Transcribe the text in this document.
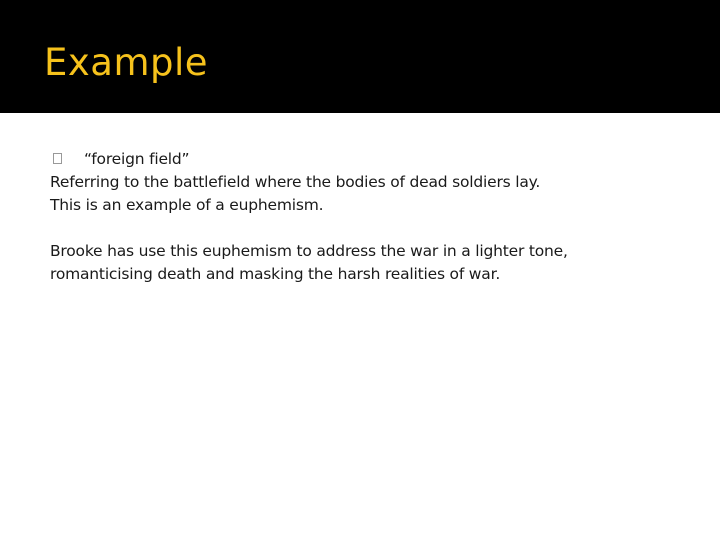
Example
“foreign field”
Referring to the battlefield where the bodies of dead soldiers lay.
This is an example of a euphemism.
Brooke has use this euphemism to address the war in a lighter tone,
romanticising death and masking the harsh realities of war.
